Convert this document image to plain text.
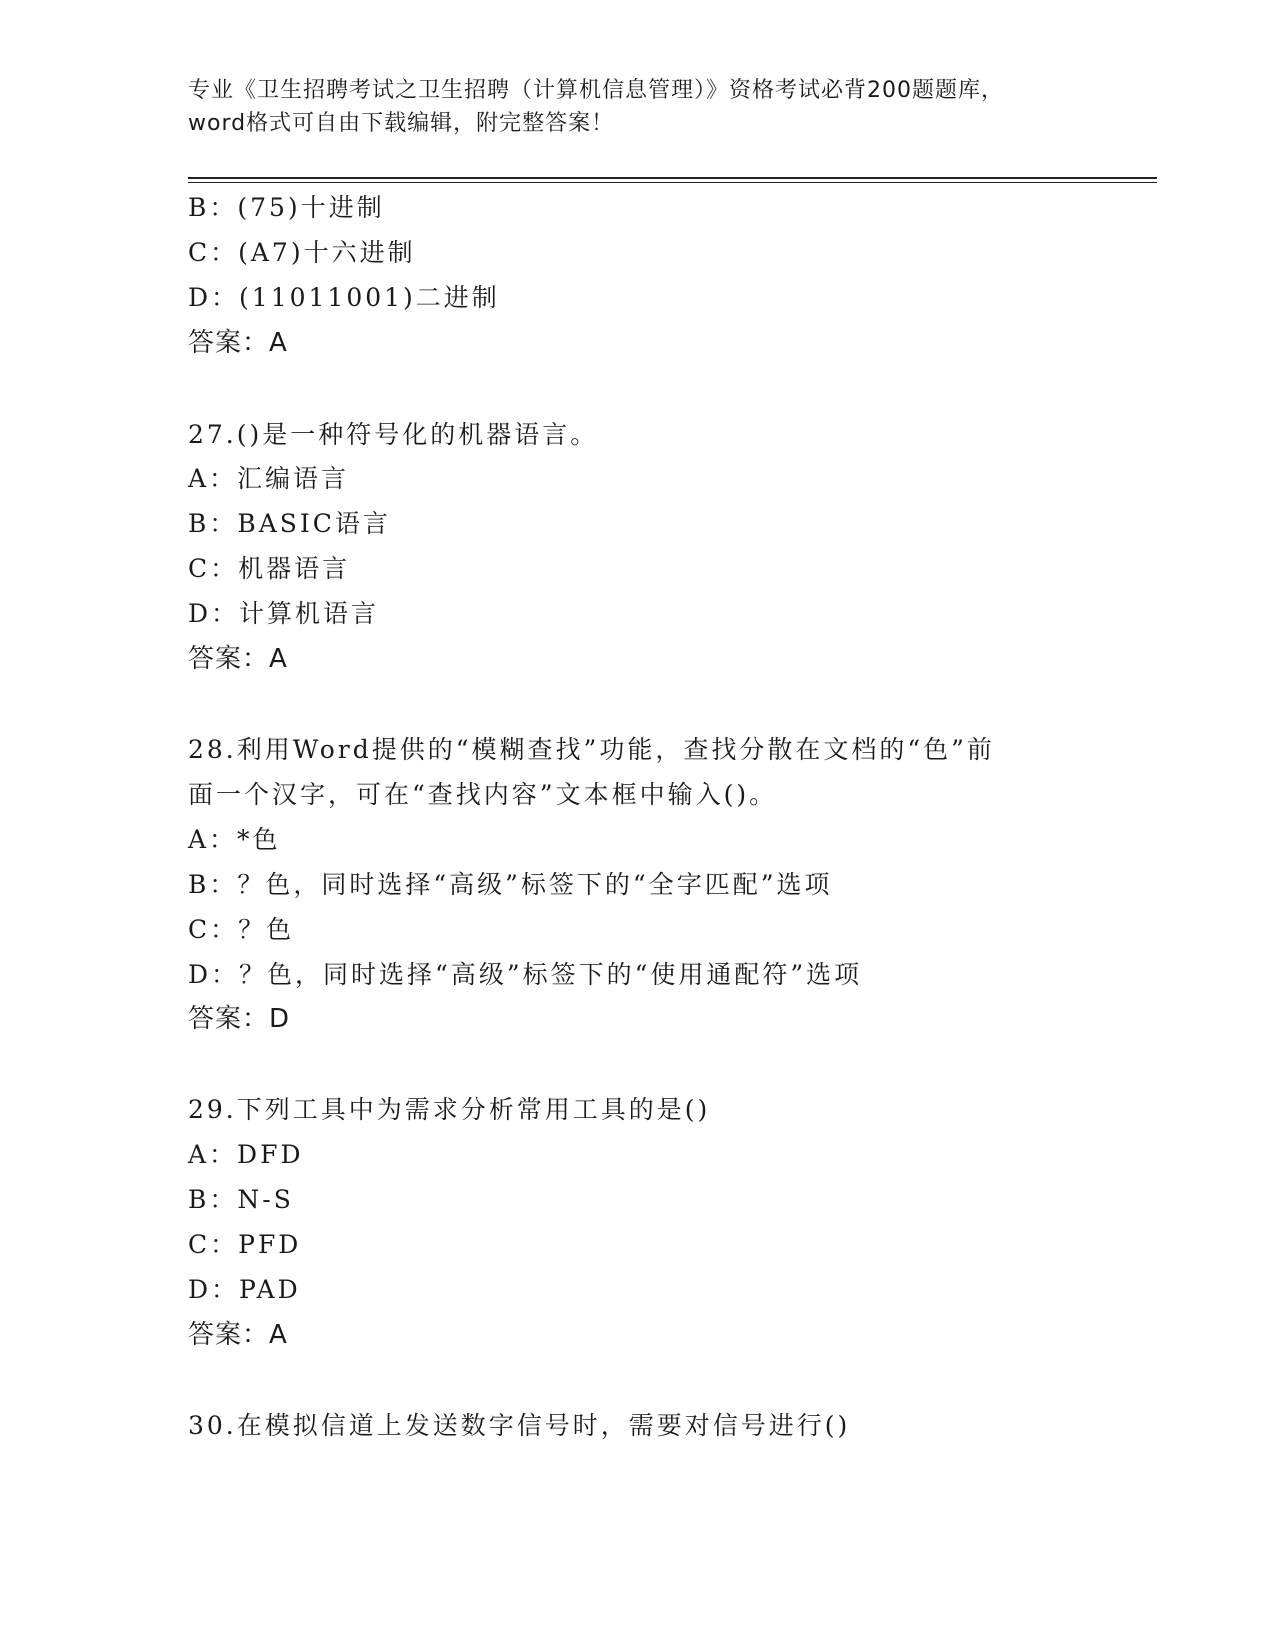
专业《卫生招聘考试之卫生招聘（计算机信息管理）》资格考试必背200题题库，
word格式可自由下载编辑，附完整答案！
B：(75)十进制
C：(A7)十六进制
D：(11011001)二进制
答案：A
27.()是一种符号化的机器语言。
A：汇编语言
B：BASIC语言
C：机器语言
D：计算机语言
答案：A
28.利用Word提供的“模糊查找”功能，查找分散在文档的“色”前
面一个汉字，可在“查找内容”文本框中输入()。
A：*色
B：？色，同时选择“高级”标签下的“全字匹配”选项
C：？色
D：？色，同时选择“高级”标签下的“使用通配符”选项
答案：D
29.下列工具中为需求分析常用工具的是()
A：DFD
B：N-S
C：PFD
D：PAD
答案：A
30.在模拟信道上发送数字信号时，需要对信号进行()
